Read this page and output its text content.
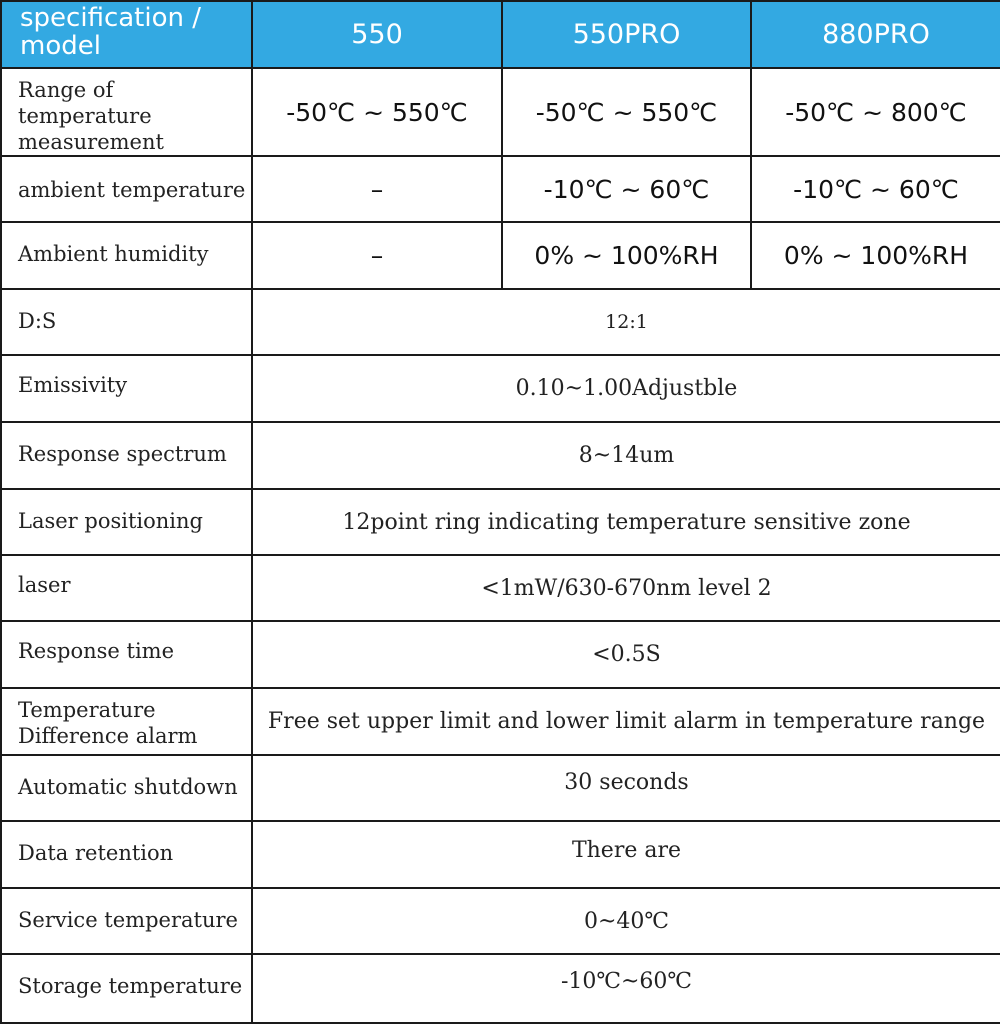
specification /
model	550	550PRO	880PRO
Range of temperature
measurement	-50℃ ~ 550℃	-50℃ ~ 550℃	-50℃ ~ 800℃
ambient temperature	–	-10℃ ~ 60℃	-10℃ ~ 60℃
Ambient humidity	–	0% ~ 100%RH	0% ~ 100%RH
D:S	12:1		
Emissivity	0.10~1.00Adjustble		
Response spectrum	8~14um		
Laser positioning	12point ring indicating temperature sensitive zone		
laser	<1mW/630-670nm level 2		
Response time	<0.5S		
Temperature
Difference alarm	Free set upper limit and lower limit alarm in temperature range		
Automatic shutdown	30 seconds		
Data retention	There are		
Service temperature	0~40℃		
Storage temperature	-10℃~60℃		
